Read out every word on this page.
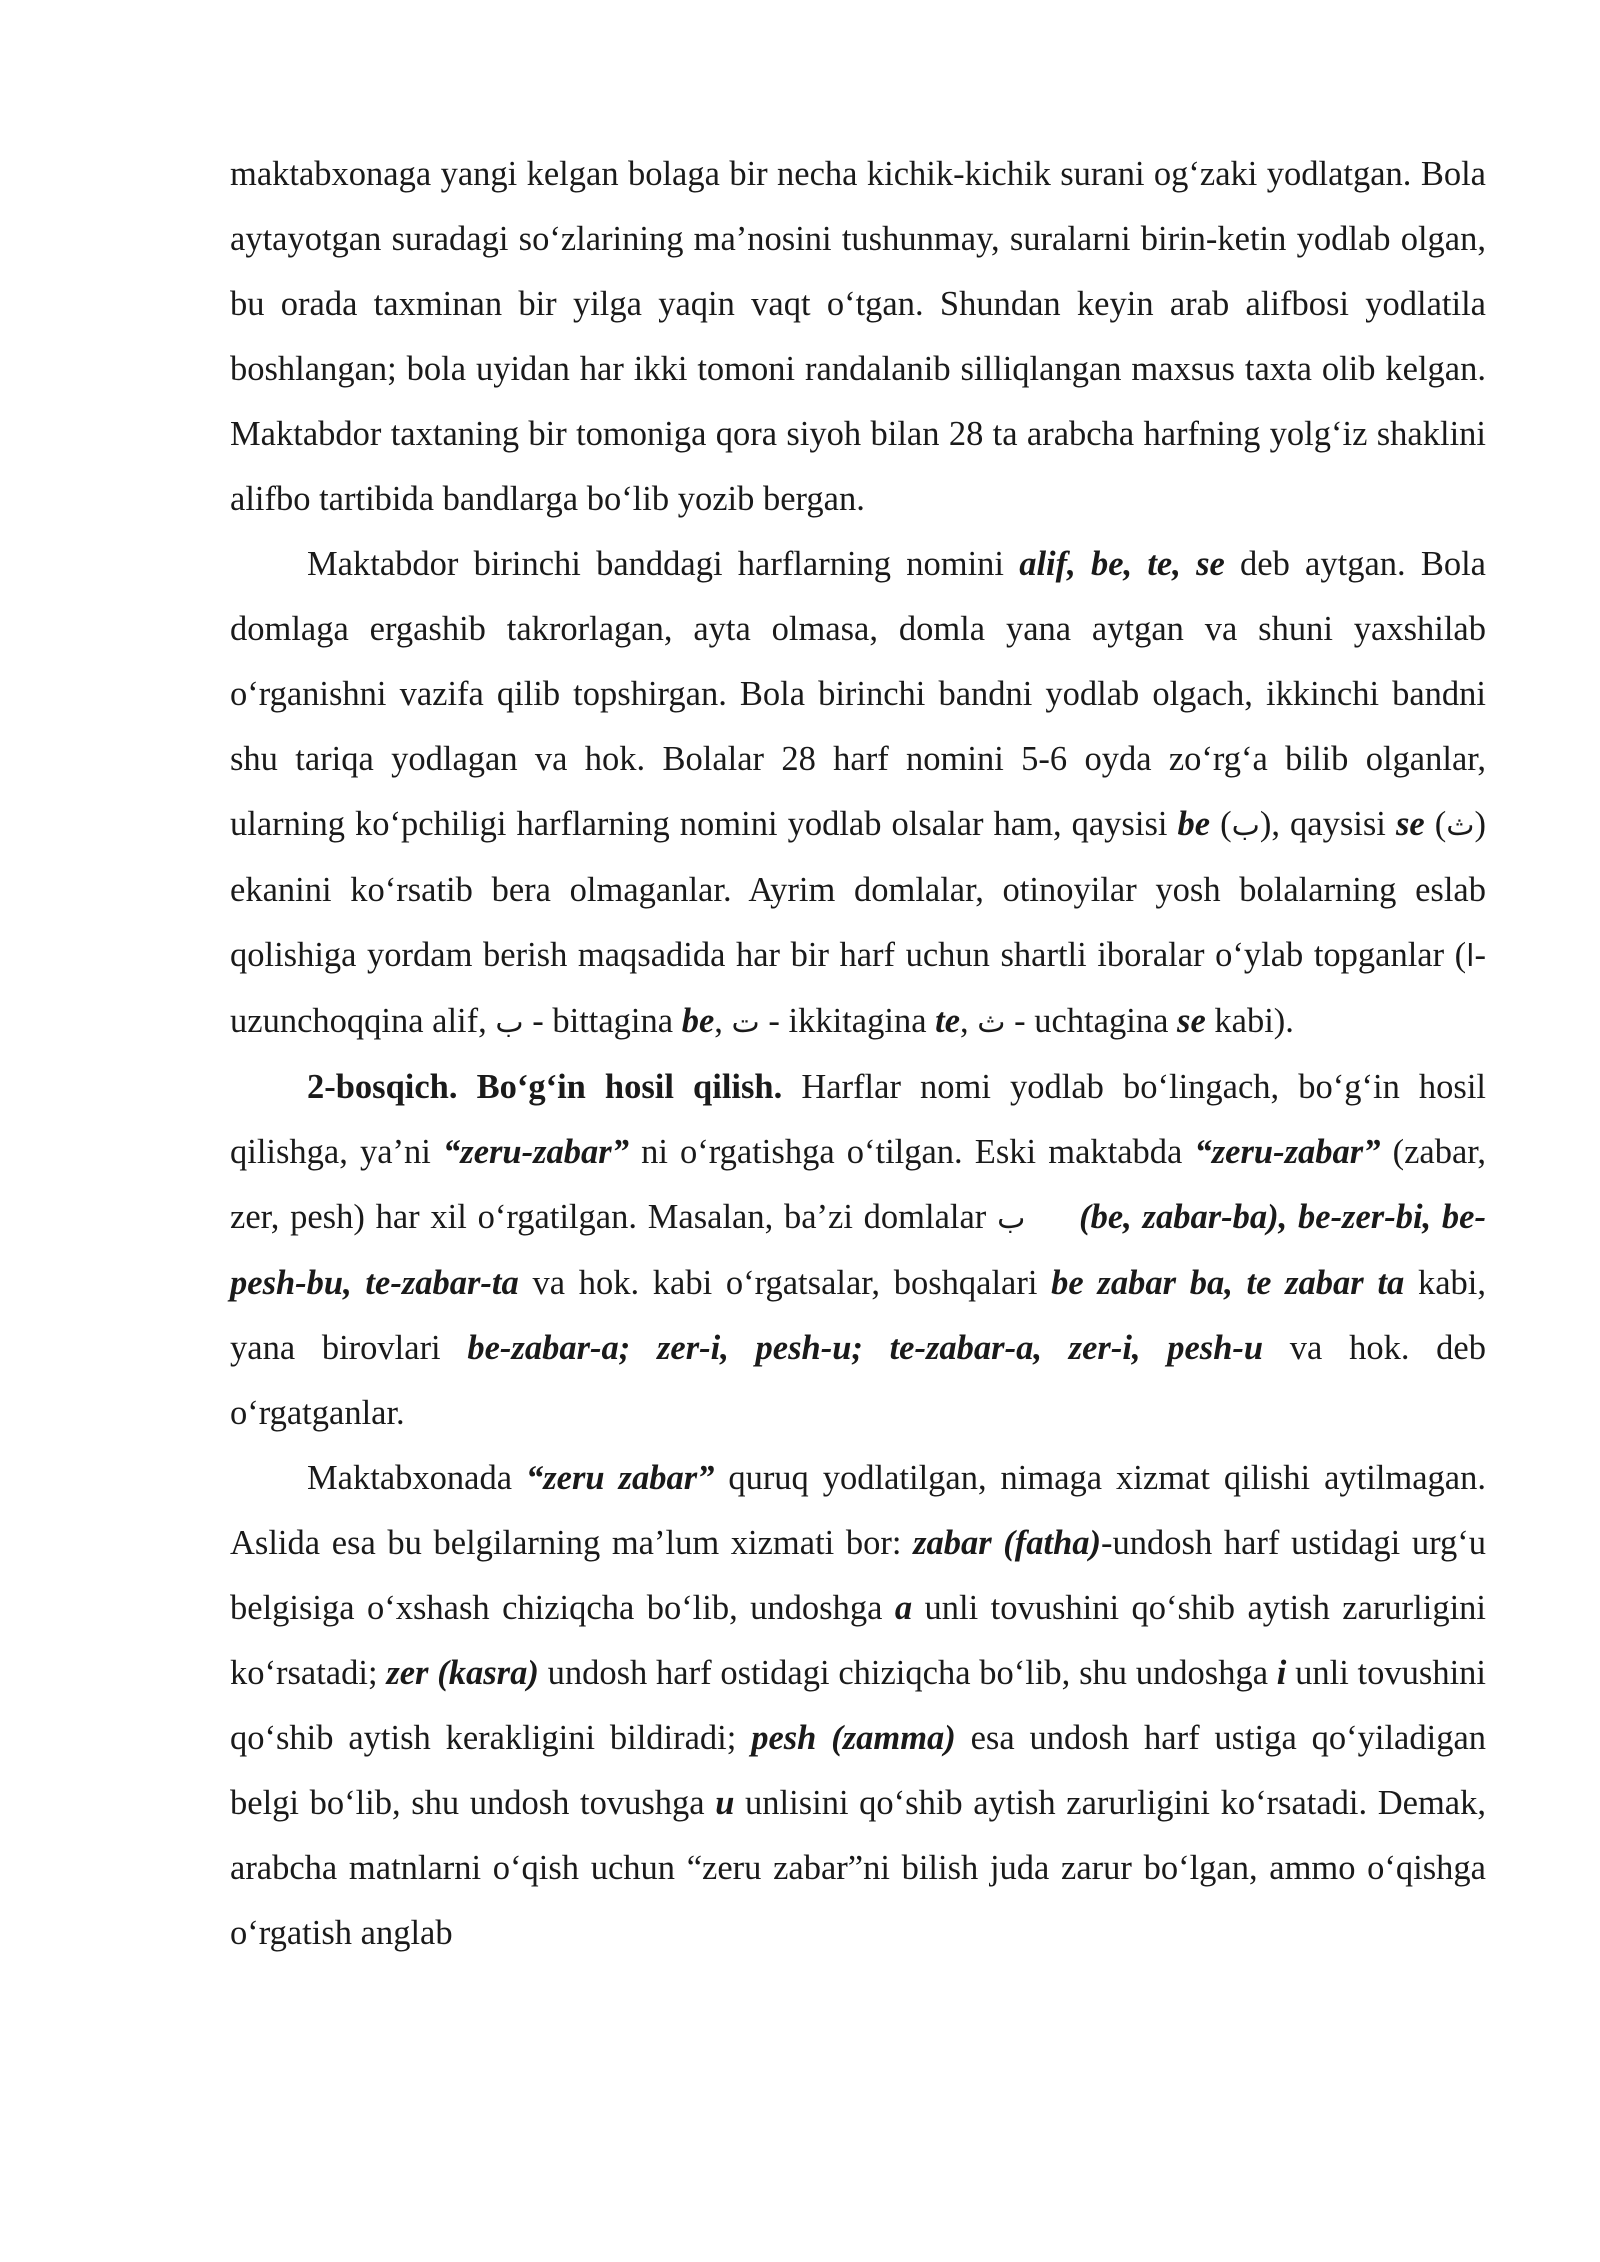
maktabxonaga yangi kelgan bolaga bir necha kichik-kichik surani og‘zaki yodlatgan. Bola aytayotgan suradagi so‘zlarining ma’nosini tushunmay, suralarni birin-ketin yodlab olgan, bu orada taxminan bir yilga yaqin vaqt o‘tgan. Shundan keyin arab alifbosi yodlatila boshlangan; bola uyidan har ikki tomoni randalanib silliqlangan maxsus taxta olib kelgan. Maktabdor taxtaning bir tomoniga qora siyoh bilan 28 ta arabcha harfning yolg‘iz shaklini alifbo tartibida bandlarga bo‘lib yozib bergan.

Maktabdor birinchi banddagi harflarning nomini alif, be, te, se deb aytgan. Bola domlaga ergashib takrorlagan, ayta olmasa, domla yana aytgan va shuni yaxshilab o‘rganishni vazifa qilib topshirgan. Bola birinchi bandni yodlab olgach, ikkinchi bandni shu tariqa yodlagan va hok. Bolalar 28 harf nomini 5-6 oyda zo‘rg‘a bilib olganlar, ularning ko‘pchiligi harflarning nomini yodlab olsalar ham, qaysisi be (ب), qaysisi se (ث) ekanini ko‘rsatib bera olmaganlar. Ayrim domlalar, otinoyilar yosh bolalarning eslab qolishiga yordam berish maqsadida har bir harf uchun shartli iboralar o‘ylab topganlar (ا-uzunchoqqina alif, ب - bittagina be, ت - ikkitagina te, ث - uchtagina se kabi).

2-bosqich. Bo‘g‘in hosil qilish. Harflar nomi yodlab bo‘lingach, bo‘g‘in hosil qilishga, ya’ni “zeru-zabar” ni o‘rgatishga o‘tilgan. Eski maktabda “zeru-zabar” (zabar, zer, pesh) har xil o‘rgatilgan. Masalan, ba’zi domlalar ب (be, zabar-ba), be-zer-bi, be-pesh-bu, te-zabar-ta va hok. kabi o‘rgatsalar, boshqalari be zabar ba, te zabar ta kabi, yana birovlari be-zabar-a; zer-i, pesh-u; te-zabar-a, zer-i, pesh-u va hok. deb o‘rgatganlar.

Maktabxonada “zeru zabar” quruq yodlatilgan, nimaga xizmat qilishi aytilmagan. Aslida esa bu belgilarning ma’lum xizmati bor: zabar (fatha)-undosh harf ustidagi urg‘u belgisiga o‘xshash chiziqcha bo‘lib, undoshga a unli tovushini qo‘shib aytish zarurligini ko‘rsatadi; zer (kasra) undosh harf ostidagi chiziqcha bo‘lib, shu undoshga i unli tovushini qo‘shib aytish kerakligini bildiradi; pesh (zamma) esa undosh harf ustiga qo‘yiladigan belgi bo‘lib, shu undosh tovushga u unlisini qo‘shib aytish zarurligini ko‘rsatadi. Demak, arabcha matnlarni o‘qish uchun “zeru zabar”ni bilish juda zarur bo‘lgan, ammo o‘qishga o‘rgatish anglab
